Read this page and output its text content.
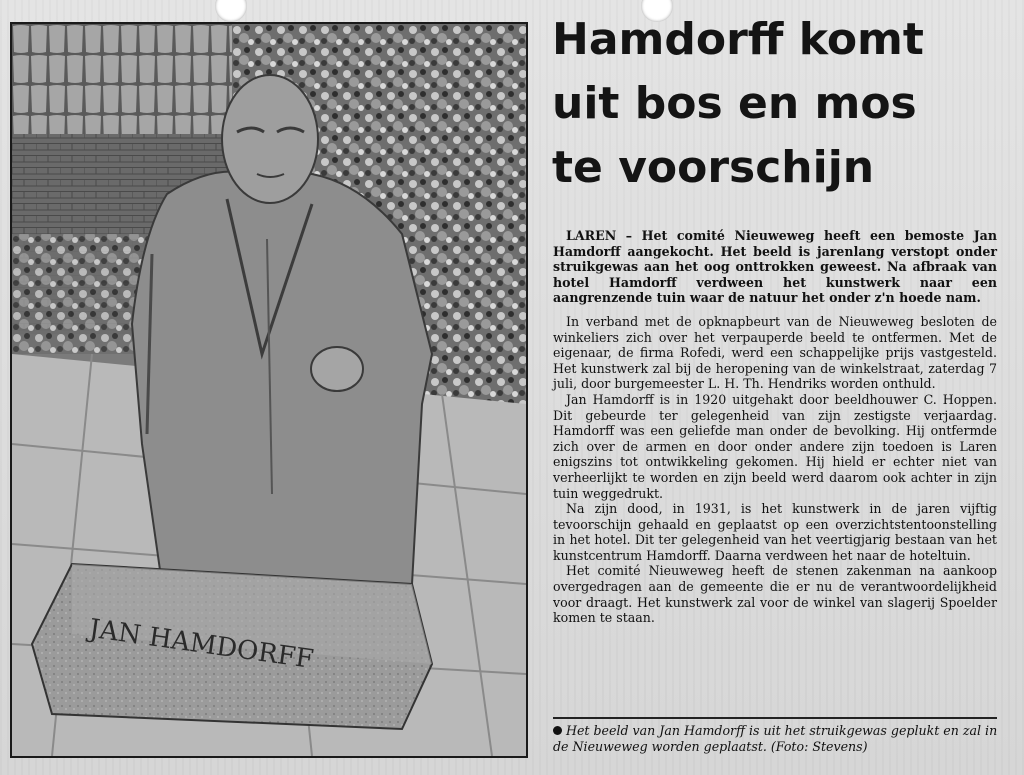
JAN HAMDORFF
Hamdorff komt
uit bos en mos
te voorschijn

LAREN – Het comité Nieuweweg heeft een bemoste Jan Hamdorff aangekocht. Het beeld is jarenlang verstopt onder struikgewas aan het oog onttrokken geweest. Na afbraak van hotel Hamdorff verdween het kunstwerk naar een aangrenzende tuin waar de natuur het onder z'n hoede nam.

In verband met de opknapbeurt van de Nieuweweg besloten de winkeliers zich over het verpauperde beeld te ontfermen. Met de eigenaar, de firma Rofedi, werd een schappelijke prijs vastgesteld. Het kunstwerk zal bij de heropening van de winkelstraat, zaterdag 7 juli, door burgemeester L. H. Th. Hendriks worden onthuld.

Jan Hamdorff is in 1920 uitgehakt door beeldhouwer C. Hoppen. Dit gebeurde ter gelegenheid van zijn zestigste verjaardag. Hamdorff was een geliefde man onder de bevolking. Hij ontfermde zich over de armen en door onder andere zijn toedoen is Laren enigszins tot ontwikkeling gekomen. Hij hield er echter niet van verheerlijkt te worden en zijn beeld werd daarom ook achter in zijn tuin weggedrukt.

Na zijn dood, in 1931, is het kunstwerk in de jaren vijftig tevoorschijn gehaald en geplaatst op een overzichtstentoonstelling in het hotel. Dit ter gelegenheid van het veertigjarig bestaan van het kunstcentrum Hamdorff. Daarna verdween het naar de hoteltuin.

Het comité Nieuweweg heeft de stenen zakenman na aankoop overgedragen aan de gemeente die er nu de verantwoordelijkheid voor draagt. Het kunstwerk zal voor de winkel van slagerij Spoelder komen te staan.

Het beeld van Jan Hamdorff is uit het struikgewas geplukt en zal in de Nieuweweg worden geplaatst. (Foto: Stevens)
